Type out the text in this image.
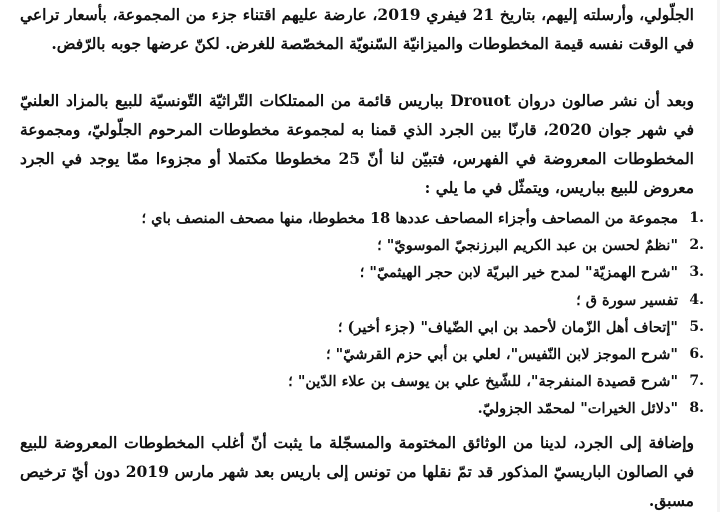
الجلّولي، وأرسلته إليهم، بتاريخ 21 فيفري 2019، عارضة عليهم اقتناء جزء من المجموعة، بأسعار تراعي في الوقت نفسه قيمة المخطوطات والميزانيّة السّنويّة المخصّصة للغرض. لكنّ عرضها جوبه بالرّفض.

وبعد أن نشر صالون دروان Drouot بباريس قائمة من الممتلكات التّراثيّة التّونسيّة للبيع بالمزاد العلنيّ في شهر جوان 2020، قارنّا بين الجرد الذي قمنا به لمجموعة مخطوطات المرحوم الجلّوليّ، ومجموعة المخطوطات المعروضة في الفهرس، فتبيّن لنا أنّ 25 مخطوطا مكتملا أو مجزوءا ممّا يوجد في الجرد معروض للبيع بباريس، ويتمثّل في ما يلي :

.1
مجموعة من المصاحف وأجزاء المصاحف عددها 18 مخطوطا، منها مصحف المنصف باي ؛
.2
"نظمٌ لحسن بن عبد الكريم البرزنجيّ الموسويّ" ؛
.3
"شرح الهمزيّة" لمدح خير البريّة لابن حجر الهيثميّ" ؛
.4
تفسير سورة ق ؛
.5
"إتحاف أهل الزّمان لأحمد بن ابي الضّياف" (جزء أخير) ؛
.6
"شرح الموجز لابن النّفيس"، لعلي بن أبي حزم القرشيّ" ؛
.7
"شرح قصيدة المنفرجة"، للشّيخ علي بن يوسف بن علاء الدّين" ؛
.8
"دلائل الخيرات" لمحمّد الجزوليّ.

وإضافة إلى الجرد، لدينا من الوثائق المختومة والمسجّلة ما يثبت أنّ أغلب المخطوطات المعروضة للبيع في الصالون الباريسيّ المذكور قد تمّ نقلها من تونس إلى باريس بعد شهر مارس 2019 دون أيّ ترخيص مسبق.
